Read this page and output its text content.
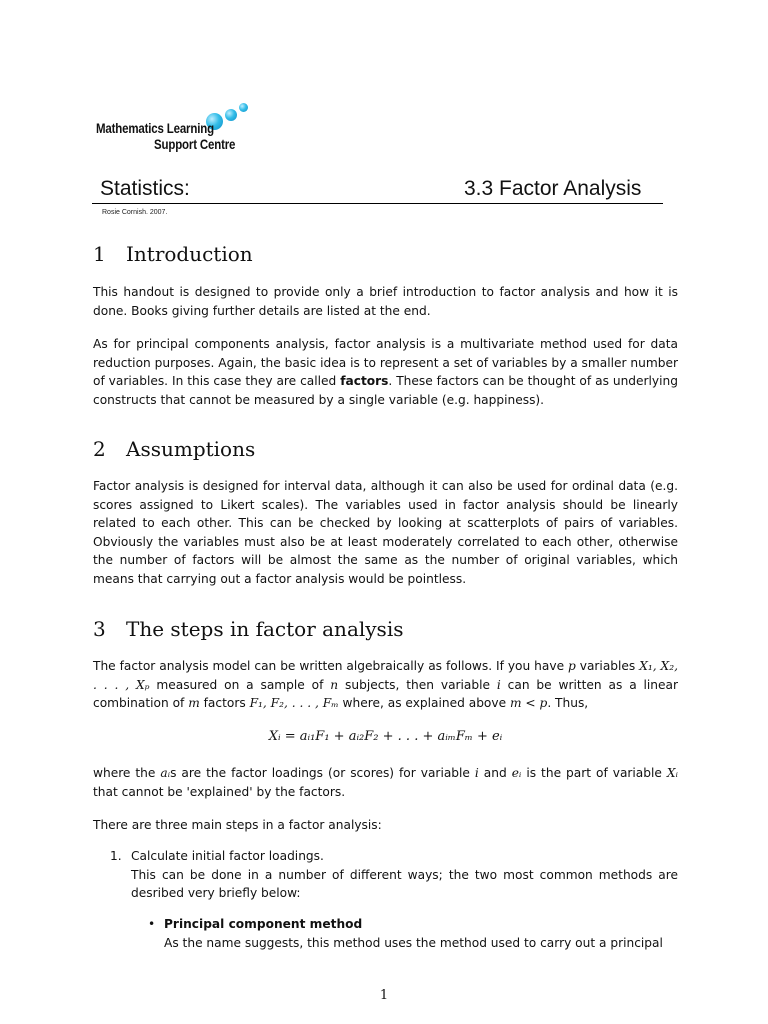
Mathematics Learning
Support Centre
Statistics:	3.3 Factor Analysis
Rosie Cornish. 2007.
1	Introduction

This handout is designed to provide only a brief introduction to factor analysis and how it is done. Books giving further details are listed at the end.

As for principal components analysis, factor analysis is a multivariate method used for data reduction purposes. Again, the basic idea is to represent a set of variables by a smaller number of variables. In this case they are called factors. These factors can be thought of as underlying constructs that cannot be measured by a single variable (e.g. happiness).

2	Assumptions

Factor analysis is designed for interval data, although it can also be used for ordinal data (e.g. scores assigned to Likert scales). The variables used in factor analysis should be linearly related to each other. This can be checked by looking at scatterplots of pairs of variables. Obviously the variables must also be at least moderately correlated to each other, otherwise the number of factors will be almost the same as the number of original variables, which means that carrying out a factor analysis would be pointless.

3	The steps in factor analysis

The factor analysis model can be written algebraically as follows. If you have p variables X₁, X₂, . . . , Xₚ measured on a sample of n subjects, then variable i can be written as a linear combination of m factors F₁, F₂, . . . , Fₘ where, as explained above m < p. Thus,

Xᵢ = aᵢ₁F₁ + aᵢ₂F₂ + . . . + aᵢₘFₘ + eᵢ

where the aᵢs are the factor loadings (or scores) for variable i and eᵢ is the part of variable Xᵢ that cannot be 'explained' by the factors.

There are three main steps in a factor analysis:

1. Calculate initial factor loadings.
This can be done in a number of different ways; the two most common methods are desribed very briefly below:
• Principal component method
As the name suggests, this method uses the method used to carry out a principal
1
